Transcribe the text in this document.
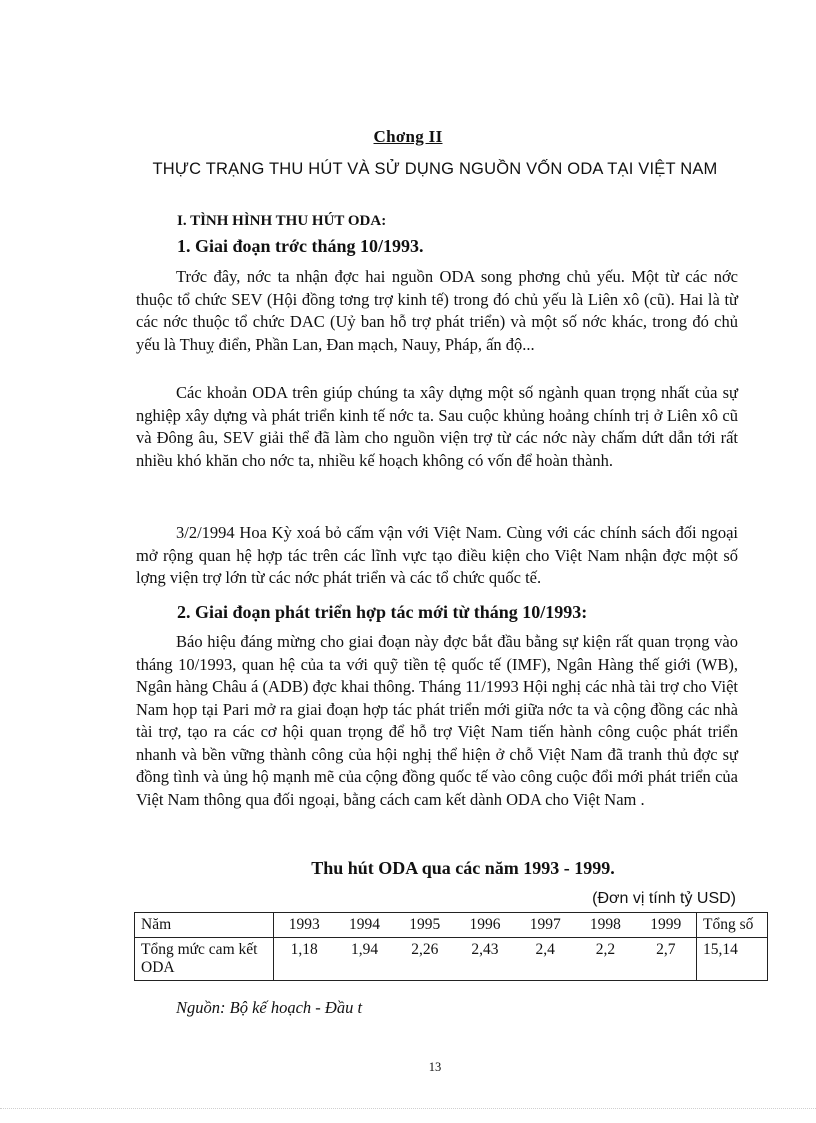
Chơng II
THỰC TRẠNG THU HÚT VÀ SỬ DỤNG NGUỒN VỐN ODA TẠI VIỆT NAM
I. TÌNH HÌNH THU HÚT ODA:
1. Giai đoạn trớc tháng 10/1993.

Trớc đây, nớc ta nhận đợc hai nguồn ODA song phơng chủ yếu. Một từ các nớc thuộc tổ chức SEV (Hội đồng tơng trợ kinh tế) trong đó chủ yếu là Liên xô (cũ). Hai là từ các nớc thuộc tổ chức DAC (Uỷ ban hỗ trợ phát triển) và một số nớc khác, trong đó chủ yếu là Thuỵ điển, Phần Lan, Đan mạch, Nauy, Pháp, ấn độ...

Các khoản ODA trên giúp chúng ta xây dựng một số ngành quan trọng nhất của sự nghiệp xây dựng và phát triển kinh tế nớc ta. Sau cuộc khủng hoảng chính trị ở Liên xô cũ và Đông âu, SEV giải thể đã làm cho nguồn viện trợ từ các nớc này chấm dứt dẫn tới rất nhiều khó khăn cho nớc ta, nhiều kế hoạch không có vốn để hoàn thành.

3/2/1994 Hoa Kỳ xoá bỏ cấm vận với Việt Nam. Cùng với các chính sách đối ngoại mở rộng quan hệ hợp tác trên các lĩnh vực tạo điều kiện cho Việt Nam nhận đợc một số lợng viện trợ lớn từ các nớc phát triển và các tổ chức quốc tế.

2. Giai đoạn phát triển hợp tác mới từ tháng 10/1993:

Báo hiệu đáng mừng cho giai đoạn này đợc bắt đầu bằng sự kiện rất quan trọng vào tháng 10/1993, quan hệ của ta với quỹ tiền tệ quốc tế (IMF), Ngân Hàng thế giới (WB), Ngân hàng Châu á (ADB) đợc khai thông. Tháng 11/1993 Hội nghị các nhà tài trợ cho Việt Nam họp tại Pari mở ra giai đoạn hợp tác phát triển mới giữa nớc ta và cộng đồng các nhà tài trợ, tạo ra các cơ hội quan trọng để hỗ trợ Việt Nam tiến hành công cuộc phát triển nhanh và bền vững thành công của hội nghị thể hiện ở chỗ Việt Nam đã tranh thủ đợc sự đồng tình và ủng hộ mạnh mẽ của cộng đồng quốc tế vào công cuộc đổi mới phát triển của Việt Nam thông qua đối ngoại, bằng cách cam kết dành ODA cho Việt Nam .

Thu hút ODA qua các năm 1993 - 1999.
(Đơn vị tính tỷ USD)
Năm	1993	1994	1995	1996	1997	1998	1999	Tổng số
Tổng mức cam kết ODA	1,18	1,94	2,26	2,43	2,4	2,2	2,7	15,14
Nguồn: Bộ kế hoạch - Đầu t
13
